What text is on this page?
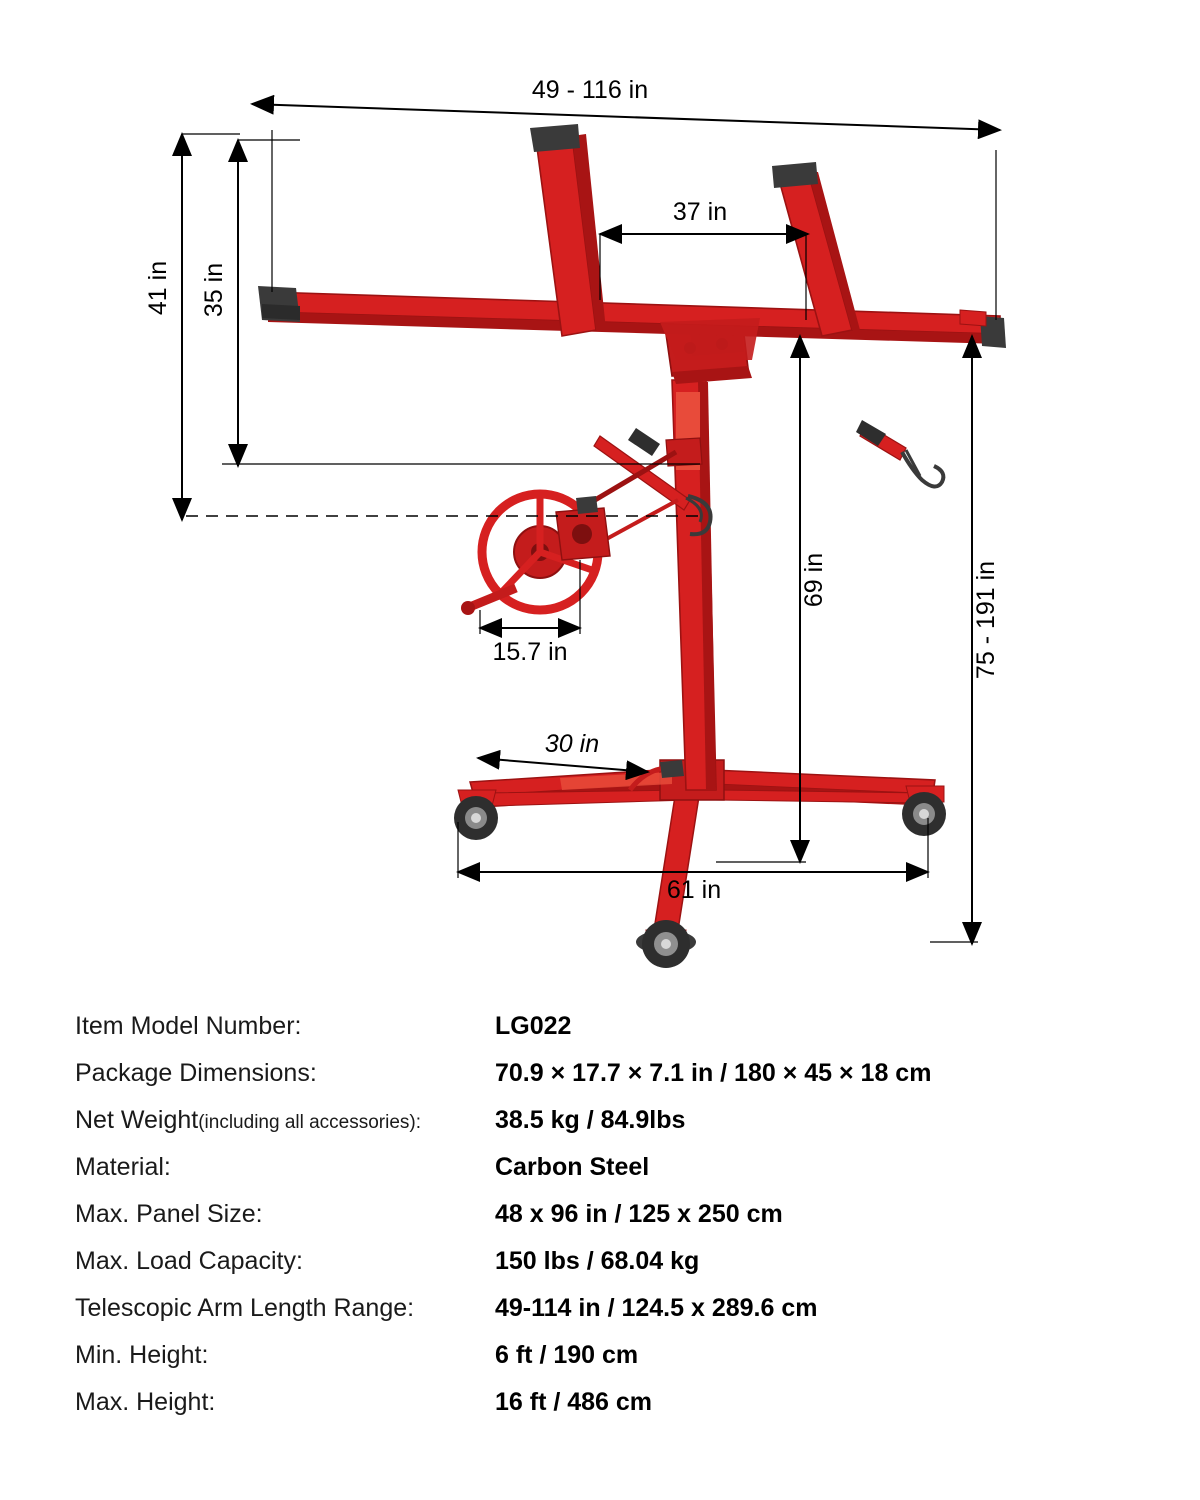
49 - 116 in
37 in
35 in
41 in
15.7 in
69 in	75 - 191 in
30 in
61 in
Item Model Number:	LG022
Package Dimensions:	70.9 × 17.7 × 7.1 in / 180 × 45 × 18 cm
Net Weight(including all accessories):	38.5 kg / 84.9lbs
Material:	Carbon Steel
Max. Panel Size:	48 x 96 in / 125 x 250 cm
Max. Load Capacity:	150 lbs / 68.04 kg
Telescopic Arm Length Range:	49-114 in / 124.5 x 289.6 cm
Min. Height:	6 ft / 190 cm
Max. Height:	16 ft / 486 cm
